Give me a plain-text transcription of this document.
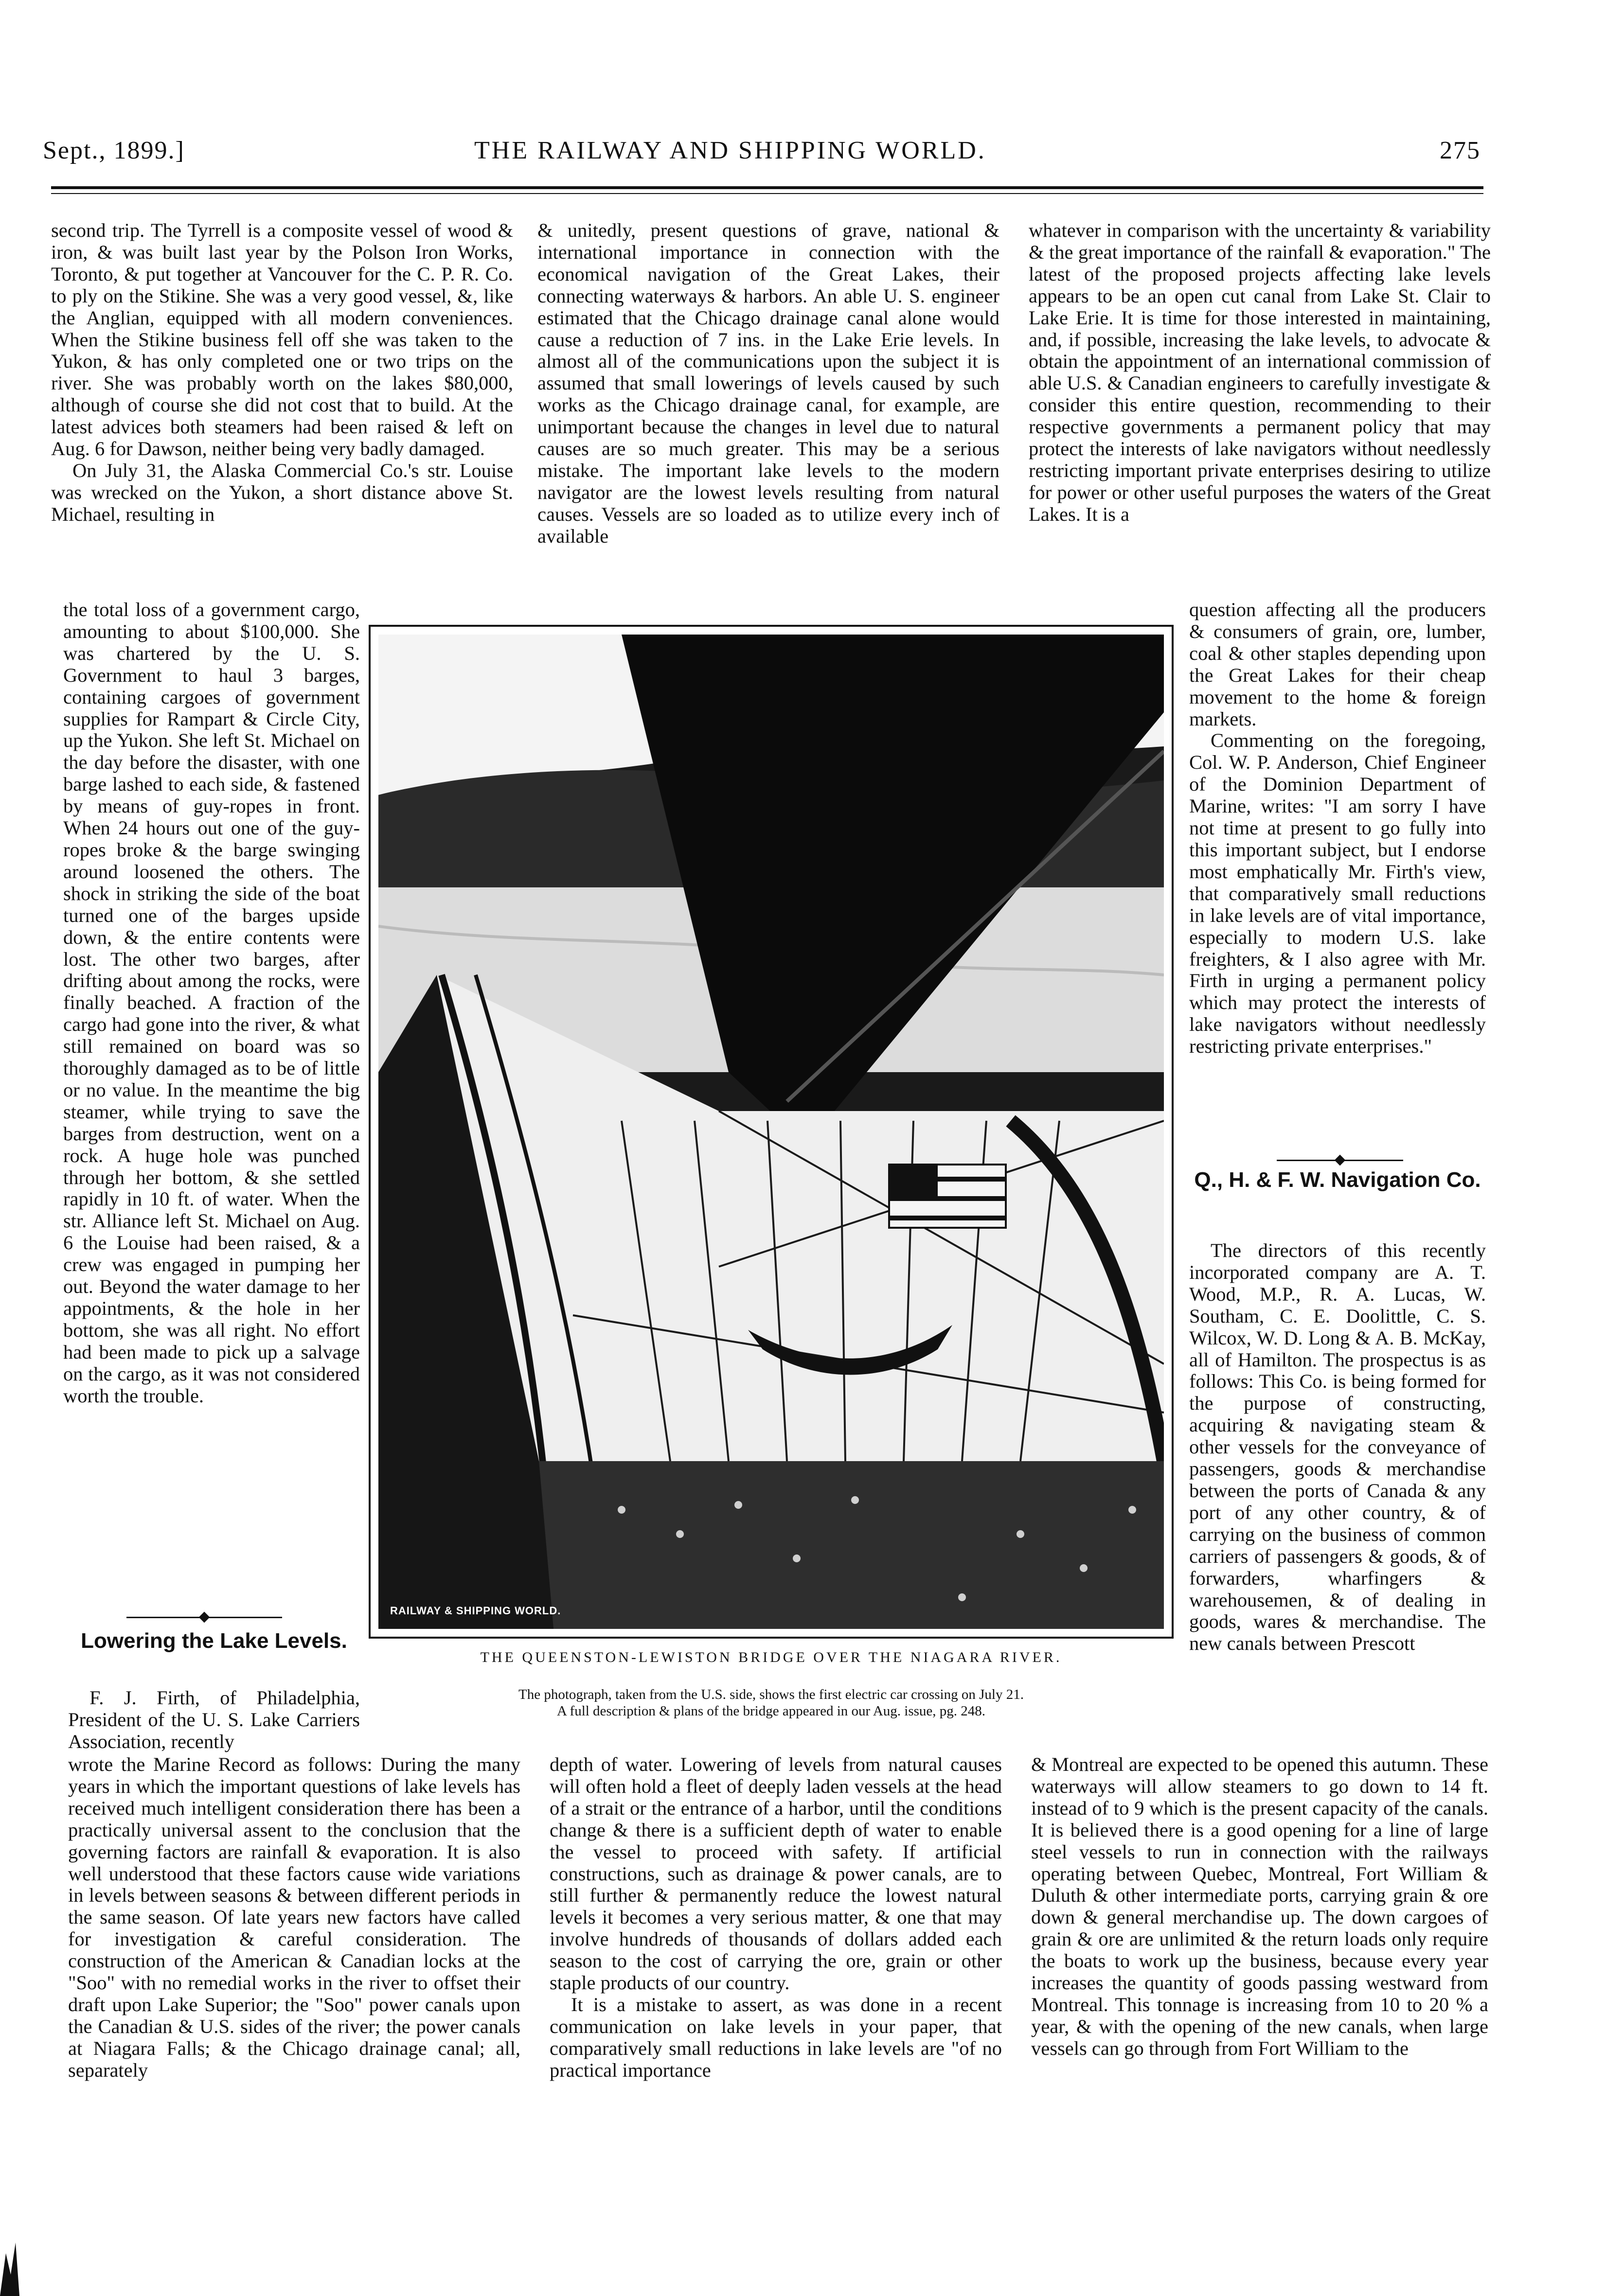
Sept., 1899.]	THE RAILWAY AND SHIPPING WORLD.	275

second trip. The Tyrrell is a composite vessel of wood & iron, & was built last year by the Polson Iron Works, Toronto, & put together at Vancouver for the C. P. R. Co. to ply on the Stikine. She was a very good vessel, &, like the Anglian, equipped with all modern conveniences. When the Stikine business fell off she was taken to the Yukon, & has only completed one or two trips on the river. She was probably worth on the lakes $80,000, although of course she did not cost that to build. At the latest advices both steamers had been raised & left on Aug. 6 for Dawson, neither being very badly damaged.

On July 31, the Alaska Commercial Co.'s str. Louise was wrecked on the Yukon, a short distance above St. Michael, resulting in

the total loss of a government cargo, amounting to about $100,000. She was chartered by the U. S. Government to haul 3 barges, containing cargoes of government supplies for Rampart & Circle City, up the Yukon. She left St. Michael on the day before the disaster, with one barge lashed to each side, & fastened by means of guy-ropes in front. When 24 hours out one of the guy-ropes broke & the barge swinging around loosened the others. The shock in striking the side of the boat turned one of the barges upside down, & the entire contents were lost. The other two barges, after drifting about among the rocks, were finally beached. A fraction of the cargo had gone into the river, & what still remained on board was so thoroughly damaged as to be of little or no value. In the meantime the big steamer, while trying to save the barges from destruction, went on a rock. A huge hole was punched through her bottom, & she settled rapidly in 10 ft. of water. When the str. Alliance left St. Michael on Aug. 6 the Louise had been raised, & a crew was engaged in pumping her out. Beyond the water damage to her appointments, & the hole in her bottom, she was all right. No effort had been made to pick up a salvage on the cargo, as it was not considered worth the trouble.

Lowering the Lake Levels.

F. J. Firth, of Philadelphia, President of the U. S. Lake Carriers Association, recently

wrote the Marine Record as follows: During the many years in which the important questions of lake levels has received much intelligent consideration there has been a practically universal assent to the conclusion that the governing factors are rainfall & evaporation. It is also well understood that these factors cause wide variations in levels between seasons & between different periods in the same season. Of late years new factors have called for investigation & careful consideration. The construction of the American & Canadian locks at the "Soo" with no remedial works in the river to offset their draft upon Lake Superior; the "Soo" power canals upon the Canadian & U.S. sides of the river; the power canals at Niagara Falls; & the Chicago drainage canal; all, separately

& unitedly, present questions of grave, national & international importance in connection with the economical navigation of the Great Lakes, their connecting waterways & harbors. An able U. S. engineer estimated that the Chicago drainage canal alone would cause a reduction of 7 ins. in the Lake Erie levels. In almost all of the communications upon the subject it is assumed that small lowerings of levels caused by such works as the Chicago drainage canal, for example, are unimportant because the changes in level due to natural causes are so much greater. This may be a serious mistake. The important lake levels to the modern navigator are the lowest levels resulting from natural causes. Vessels are so loaded as to utilize every inch of available

depth of water. Lowering of levels from natural causes will often hold a fleet of deeply laden vessels at the head of a strait or the entrance of a harbor, until the conditions change & there is a sufficient depth of water to enable the vessel to proceed with safety. If artificial constructions, such as drainage & power canals, are to still further & permanently reduce the lowest natural levels it becomes a very serious matter, & one that may involve hundreds of thousands of dollars added each season to the cost of carrying the ore, grain or other staple products of our country.

It is a mistake to assert, as was done in a recent communication on lake levels in your paper, that comparatively small reductions in lake levels are "of no practical importance

whatever in comparison with the uncertainty & variability & the great importance of the rainfall & evaporation." The latest of the proposed projects affecting lake levels appears to be an open cut canal from Lake St. Clair to Lake Erie. It is time for those interested in maintaining, and, if possible, increasing the lake levels, to advocate & obtain the appointment of an international commission of able U.S. & Canadian engineers to carefully investigate & consider this entire question, recommending to their respective governments a permanent policy that may protect the interests of lake navigators without needlessly restricting important private enterprises desiring to utilize for power or other useful purposes the waters of the Great Lakes. It is a

question affecting all the producers & consumers of grain, ore, lumber, coal & other staples depending upon the Great Lakes for their cheap movement to the home & foreign markets.

Commenting on the foregoing, Col. W. P. Anderson, Chief Engineer of the Dominion Department of Marine, writes: "I am sorry I have not time at present to go fully into this important subject, but I endorse most emphatically Mr. Firth's view, that comparatively small reductions in lake levels are of vital importance, especially to modern U.S. lake freighters, & I also agree with Mr. Firth in urging a permanent policy which may protect the interests of lake navigators without needlessly restricting private enterprises."

Q., H. & F. W. Navigation Co.

The directors of this recently incorporated company are A. T. Wood, M.P., R. A. Lucas, W. Southam, C. E. Doolittle, C. S. Wilcox, W. D. Long & A. B. McKay, all of Hamilton. The prospectus is as follows: This Co. is being formed for the purpose of constructing, acquiring & navigating steam & other vessels for the conveyance of passengers, goods & merchandise between the ports of Canada & any port of any other country, & of carrying on the business of common carriers of passengers & goods, & of forwarders, wharfingers & warehousemen, & of dealing in goods, wares & merchandise. The new canals between Prescott

& Montreal are expected to be opened this autumn. These waterways will allow steamers to go down to 14 ft. instead of to 9 which is the present capacity of the canals. It is believed there is a good opening for a line of large steel vessels to run in connection with the railways operating between Quebec, Montreal, Fort William & Duluth & other intermediate ports, carrying grain & ore down & general merchandise up. The down cargoes of grain & ore are unlimited & the return loads only require the boats to work up the business, because every year increases the quantity of goods passing westward from Montreal. This tonnage is increasing from 10 to 20 % a year, & with the opening of the new canals, when large vessels can go through from Fort William to the

RAILWAY & SHIPPING WORLD.
THE QUEENSTON-LEWISTON BRIDGE OVER THE NIAGARA RIVER.
The photograph, taken from the U.S. side, shows the first electric car crossing on July 21.
A full description & plans of the bridge appeared in our Aug. issue, pg. 248.
